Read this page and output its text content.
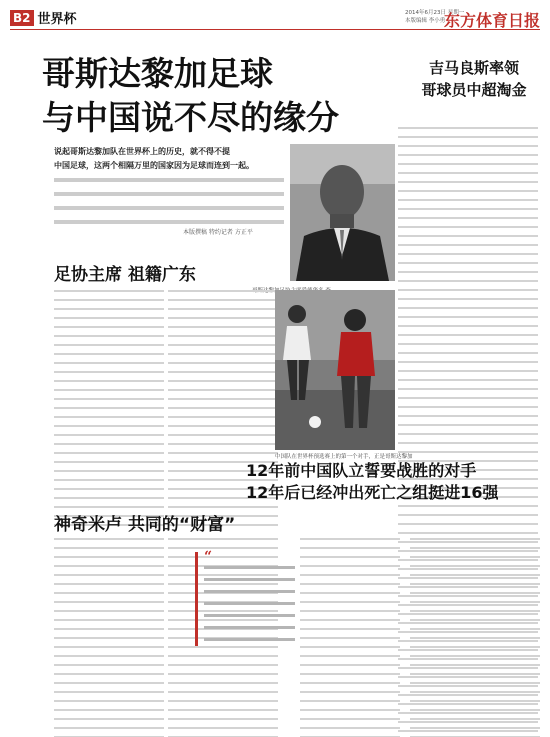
B2 世界杯	2014年6月23日 星期一
本版编辑 李小勇
东方体育日报
哥斯达黎加足球
与中国说不尽的缘分
吉马良斯率领
哥球员中超淘金
说起哥斯达黎加队在世界杯上的历史，就不得不提
中国足球，这两个相隔万里的国家因为足球而连到一起。
本版撰稿 特约记者 方正平
足协主席 祖籍广东
中国队在世界杯预选赛上的第一个对手，正是哥斯达黎加
12年前中国队立誓要战胜的对手
12年后已经冲出死亡之组挺进16强
神奇米卢 共同的“财富”
“
